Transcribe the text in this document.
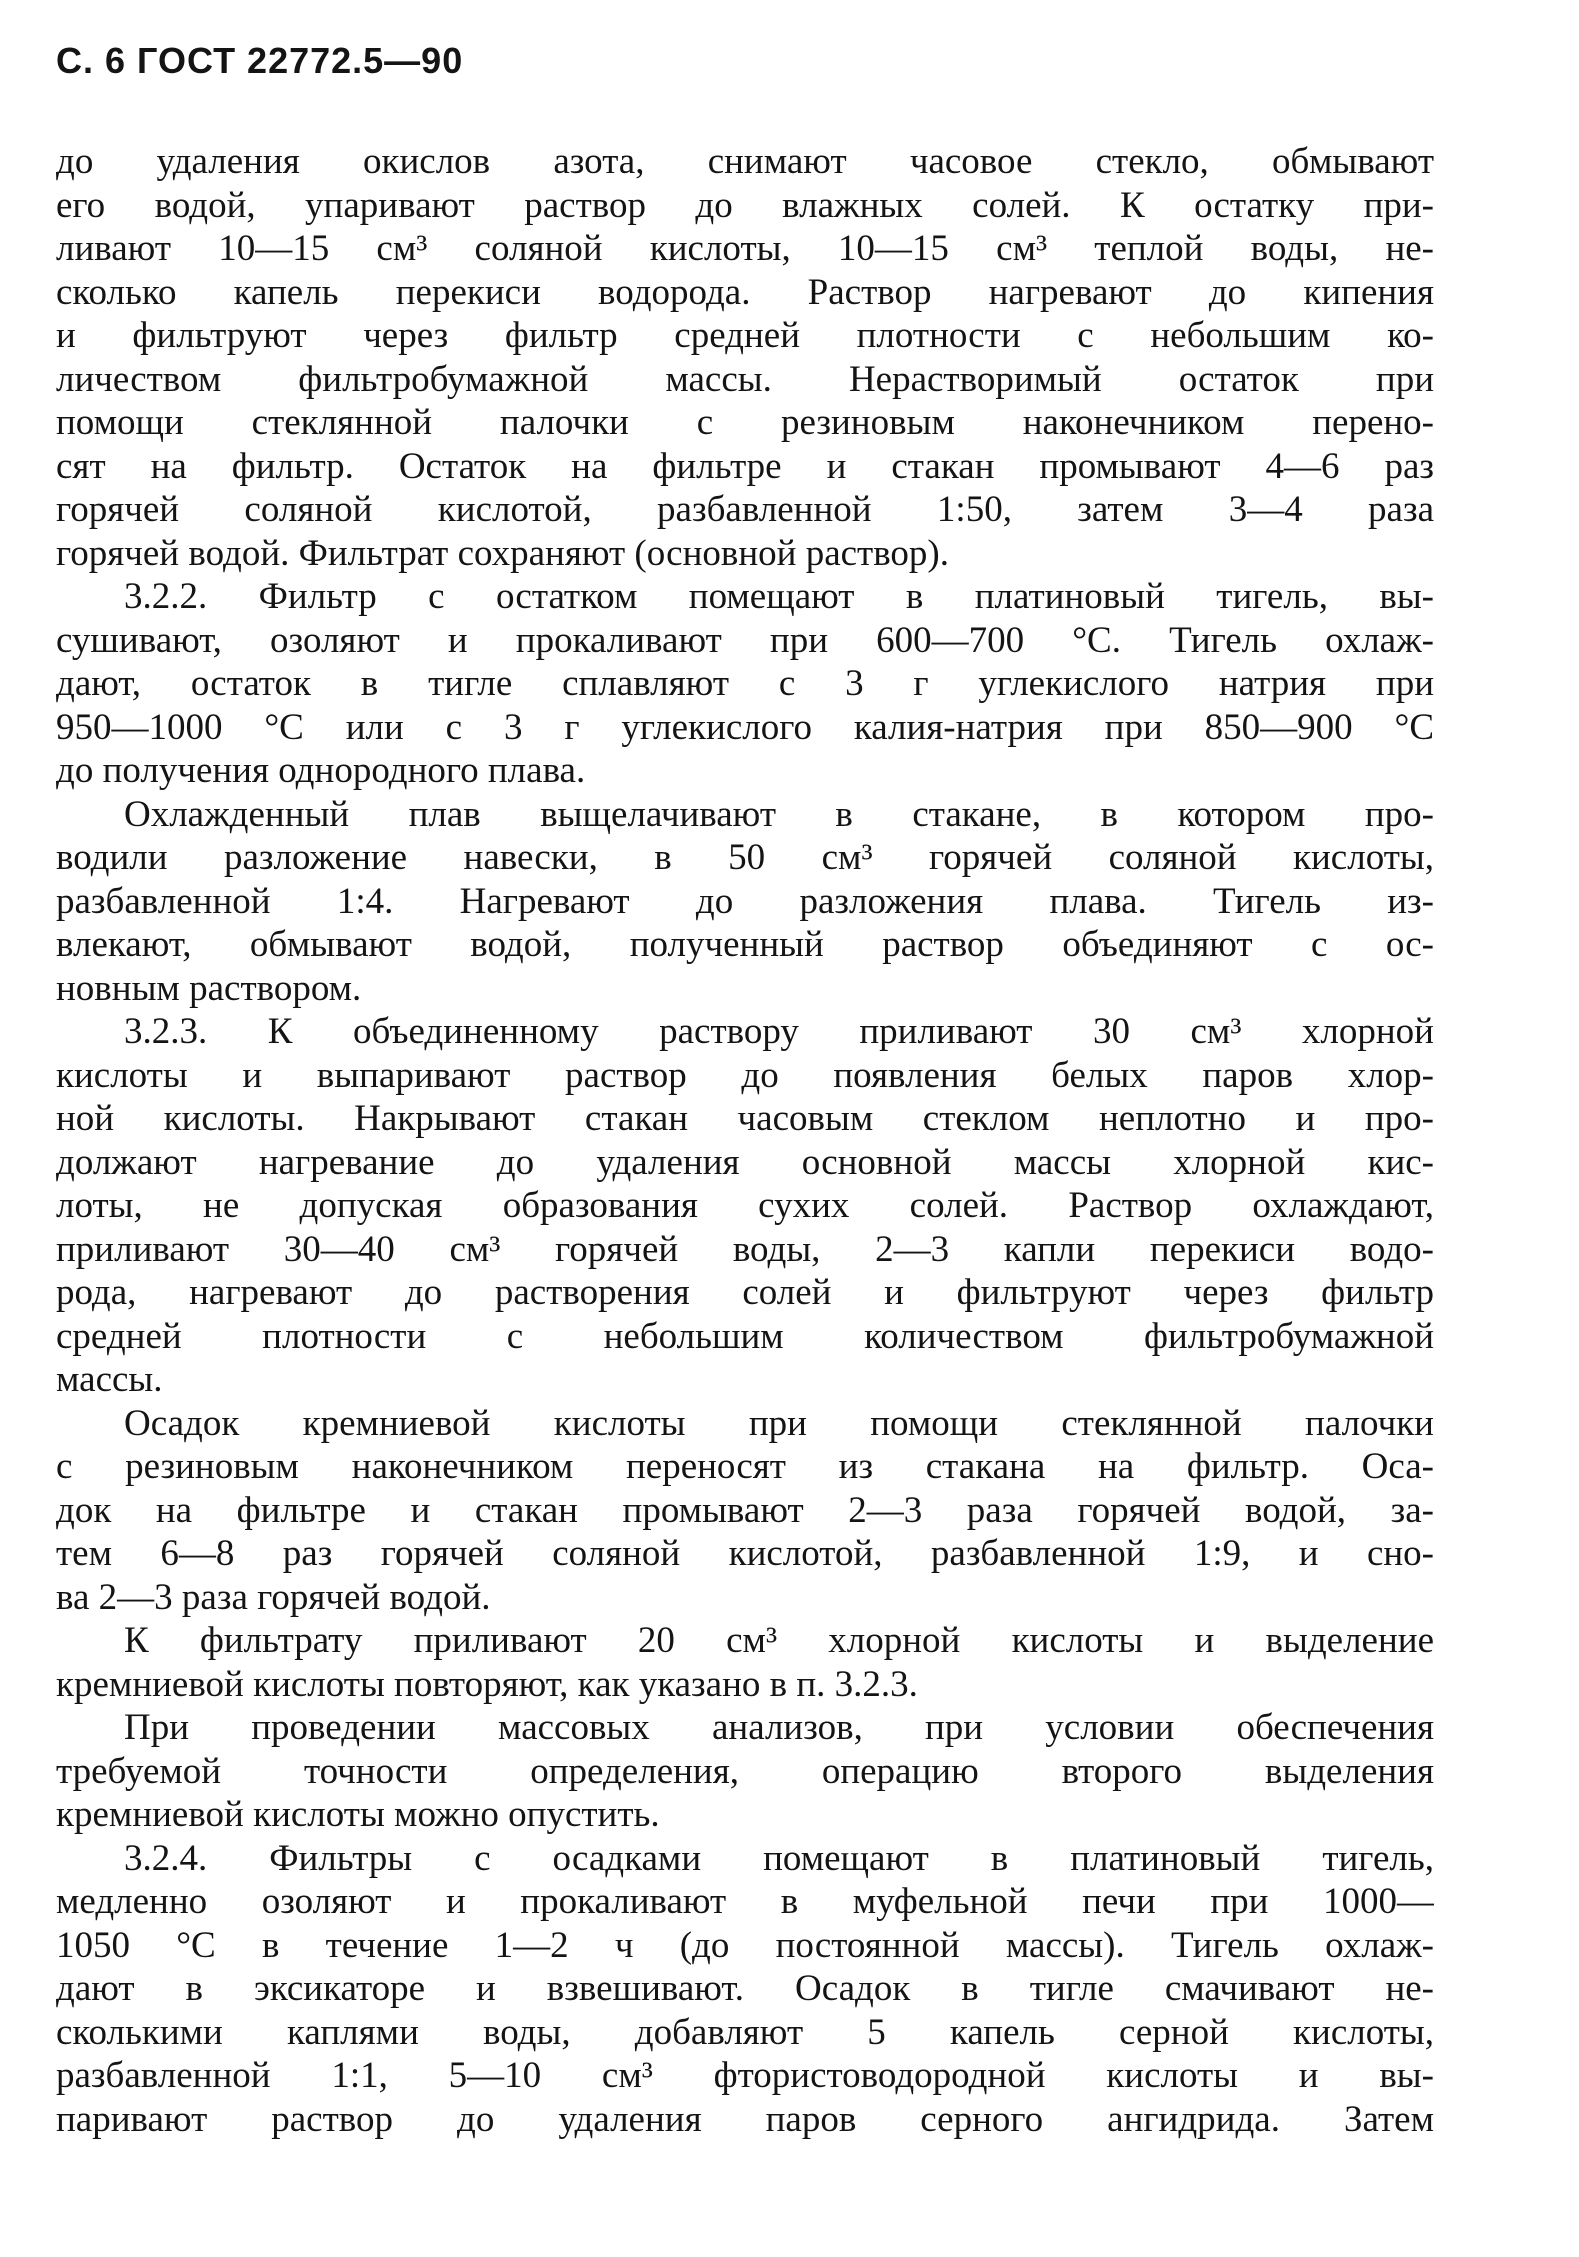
С. 6 ГОСТ 22772.5—90
до удаления окислов азота, снимают часовое стекло, обмывают
его водой, упаривают раствор до влажных солей. К остатку при-
ливают 10—15 см³ соляной кислоты, 10—15 см³ теплой воды, не-
сколько капель перекиси водорода. Раствор нагревают до кипения
и фильтруют через фильтр средней плотности с небольшим ко-
личеством фильтробумажной массы. Нерастворимый остаток при
помощи стеклянной палочки с резиновым наконечником перено-
сят на фильтр. Остаток на фильтре и стакан промывают 4—6 раз
горячей соляной кислотой, разбавленной 1:50, затем 3—4 раза
горячей водой. Фильтрат сохраняют (основной раствор).
3.2.2. Фильтр с остатком помещают в платиновый тигель, вы-
сушивают, озоляют и прокаливают при 600—700 °С. Тигель охлаж-
дают, остаток в тигле сплавляют с 3 г углекислого натрия при
950—1000 °С или с 3 г углекислого калия-натрия при 850—900 °С
до получения однородного плава.
Охлажденный плав выщелачивают в стакане, в котором про-
водили разложение навески, в 50 см³ горячей соляной кислоты,
разбавленной 1:4. Нагревают до разложения плава. Тигель из-
влекают, обмывают водой, полученный раствор объединяют с ос-
новным раствором.
3.2.3. К объединенному раствору приливают 30 см³ хлорной
кислоты и выпаривают раствор до появления белых паров хлор-
ной кислоты. Накрывают стакан часовым стеклом неплотно и про-
должают нагревание до удаления основной массы хлорной кис-
лоты, не допуская образования сухих солей. Раствор охлаждают,
приливают 30—40 см³ горячей воды, 2—3 капли перекиси водо-
рода, нагревают до растворения солей и фильтруют через фильтр
средней плотности с небольшим количеством фильтробумажной
массы.
Осадок кремниевой кислоты при помощи стеклянной палочки
с резиновым наконечником переносят из стакана на фильтр. Оса-
док на фильтре и стакан промывают 2—3 раза горячей водой, за-
тем 6—8 раз горячей соляной кислотой, разбавленной 1:9, и сно-
ва 2—3 раза горячей водой.
К фильтрату приливают 20 см³ хлорной кислоты и выделение
кремниевой кислоты повторяют, как указано в п. 3.2.3.
При проведении массовых анализов, при условии обеспечения
требуемой точности определения, операцию второго выделения
кремниевой кислоты можно опустить.
3.2.4. Фильтры с осадками помещают в платиновый тигель,
медленно озоляют и прокаливают в муфельной печи при 1000—
1050 °С в течение 1—2 ч (до постоянной массы). Тигель охлаж-
дают в эксикаторе и взвешивают. Осадок в тигле смачивают не-
сколькими каплями воды, добавляют 5 капель серной кислоты,
разбавленной 1:1, 5—10 см³ фтористоводородной кислоты и вы-
паривают раствор до удаления паров серного ангидрида. Затем
